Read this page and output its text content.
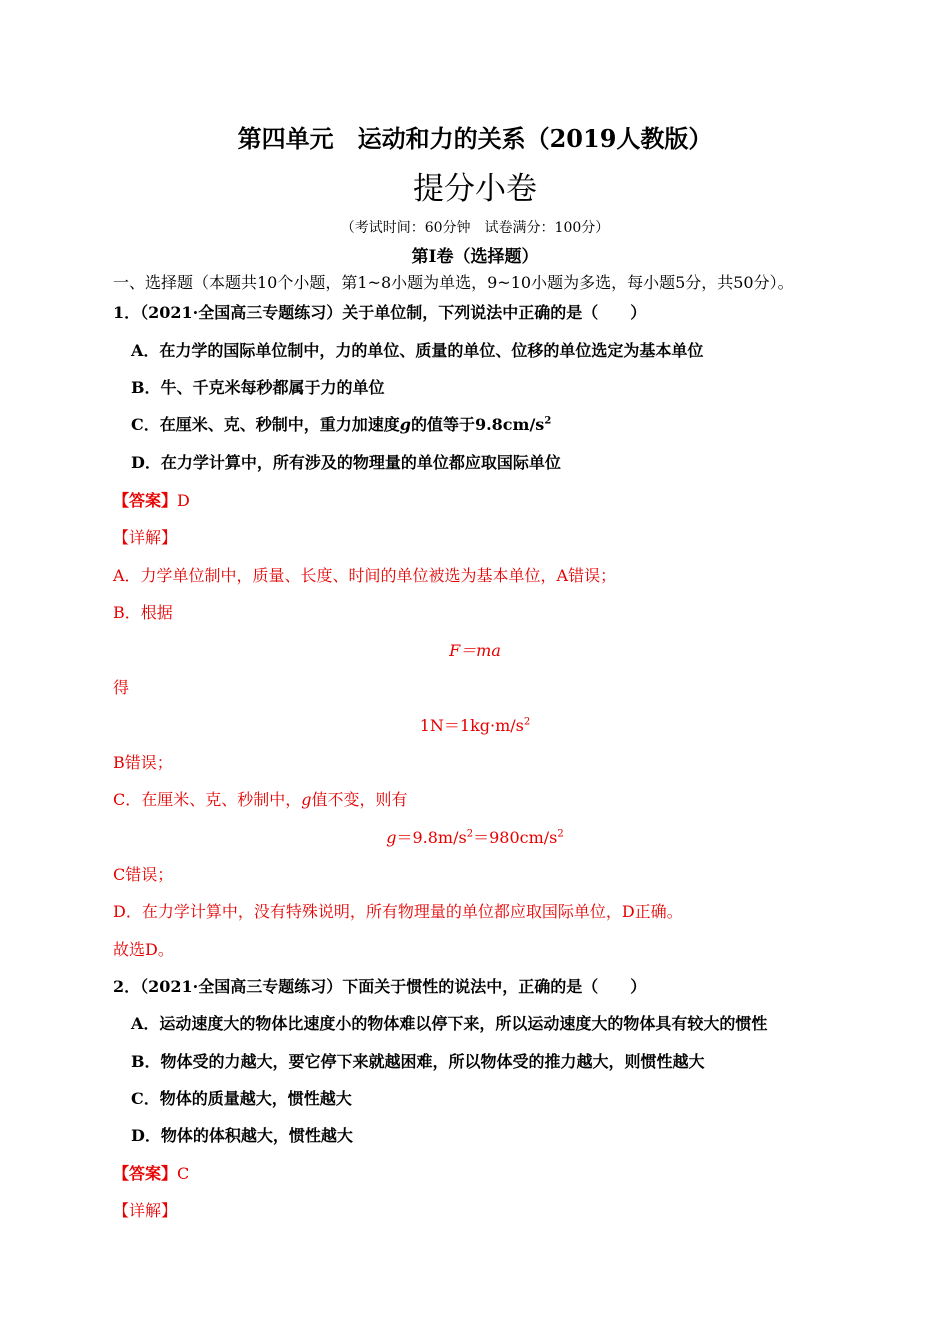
第四单元　运动和力的关系（2019人教版）
提分小卷
（考试时间：60分钟　试卷满分：100分）
第Ⅰ卷（选择题）
一、选择题（本题共10个小题，第1~8小题为单选，9~10小题为多选，每小题5分，共50分）。
1．（2021·全国高三专题练习）关于单位制，下列说法中正确的是（　　）
A．在力学的国际单位制中，力的单位、质量的单位、位移的单位选定为基本单位
B．牛、千克米每秒都属于力的单位
C．在厘米、克、秒制中，重力加速度g的值等于$9.8cm/s^2$
D．在力学计算中，所有涉及的物理量的单位都应取国际单位
【答案】D
【详解】
A．力学单位制中，质量、长度、时间的单位被选为基本单位，A错误；
B．根据
F＝ma
得
$1N=1kg\cdot m/s^2$
B错误；
C．在厘米、克、秒制中，g值不变，则有
$g=9.8m/s^2=980cm/s^2$
C错误；
D．在力学计算中，没有特殊说明，所有物理量的单位都应取国际单位，D正确。
故选D。
2．（2021·全国高三专题练习）下面关于惯性的说法中，正确的是（　　）
A．运动速度大的物体比速度小的物体难以停下来，所以运动速度大的物体具有较大的惯性
B．物体受的力越大，要它停下来就越困难，所以物体受的推力越大，则惯性越大
C．物体的质量越大，惯性越大
D．物体的体积越大，惯性越大
【答案】C
【详解】
